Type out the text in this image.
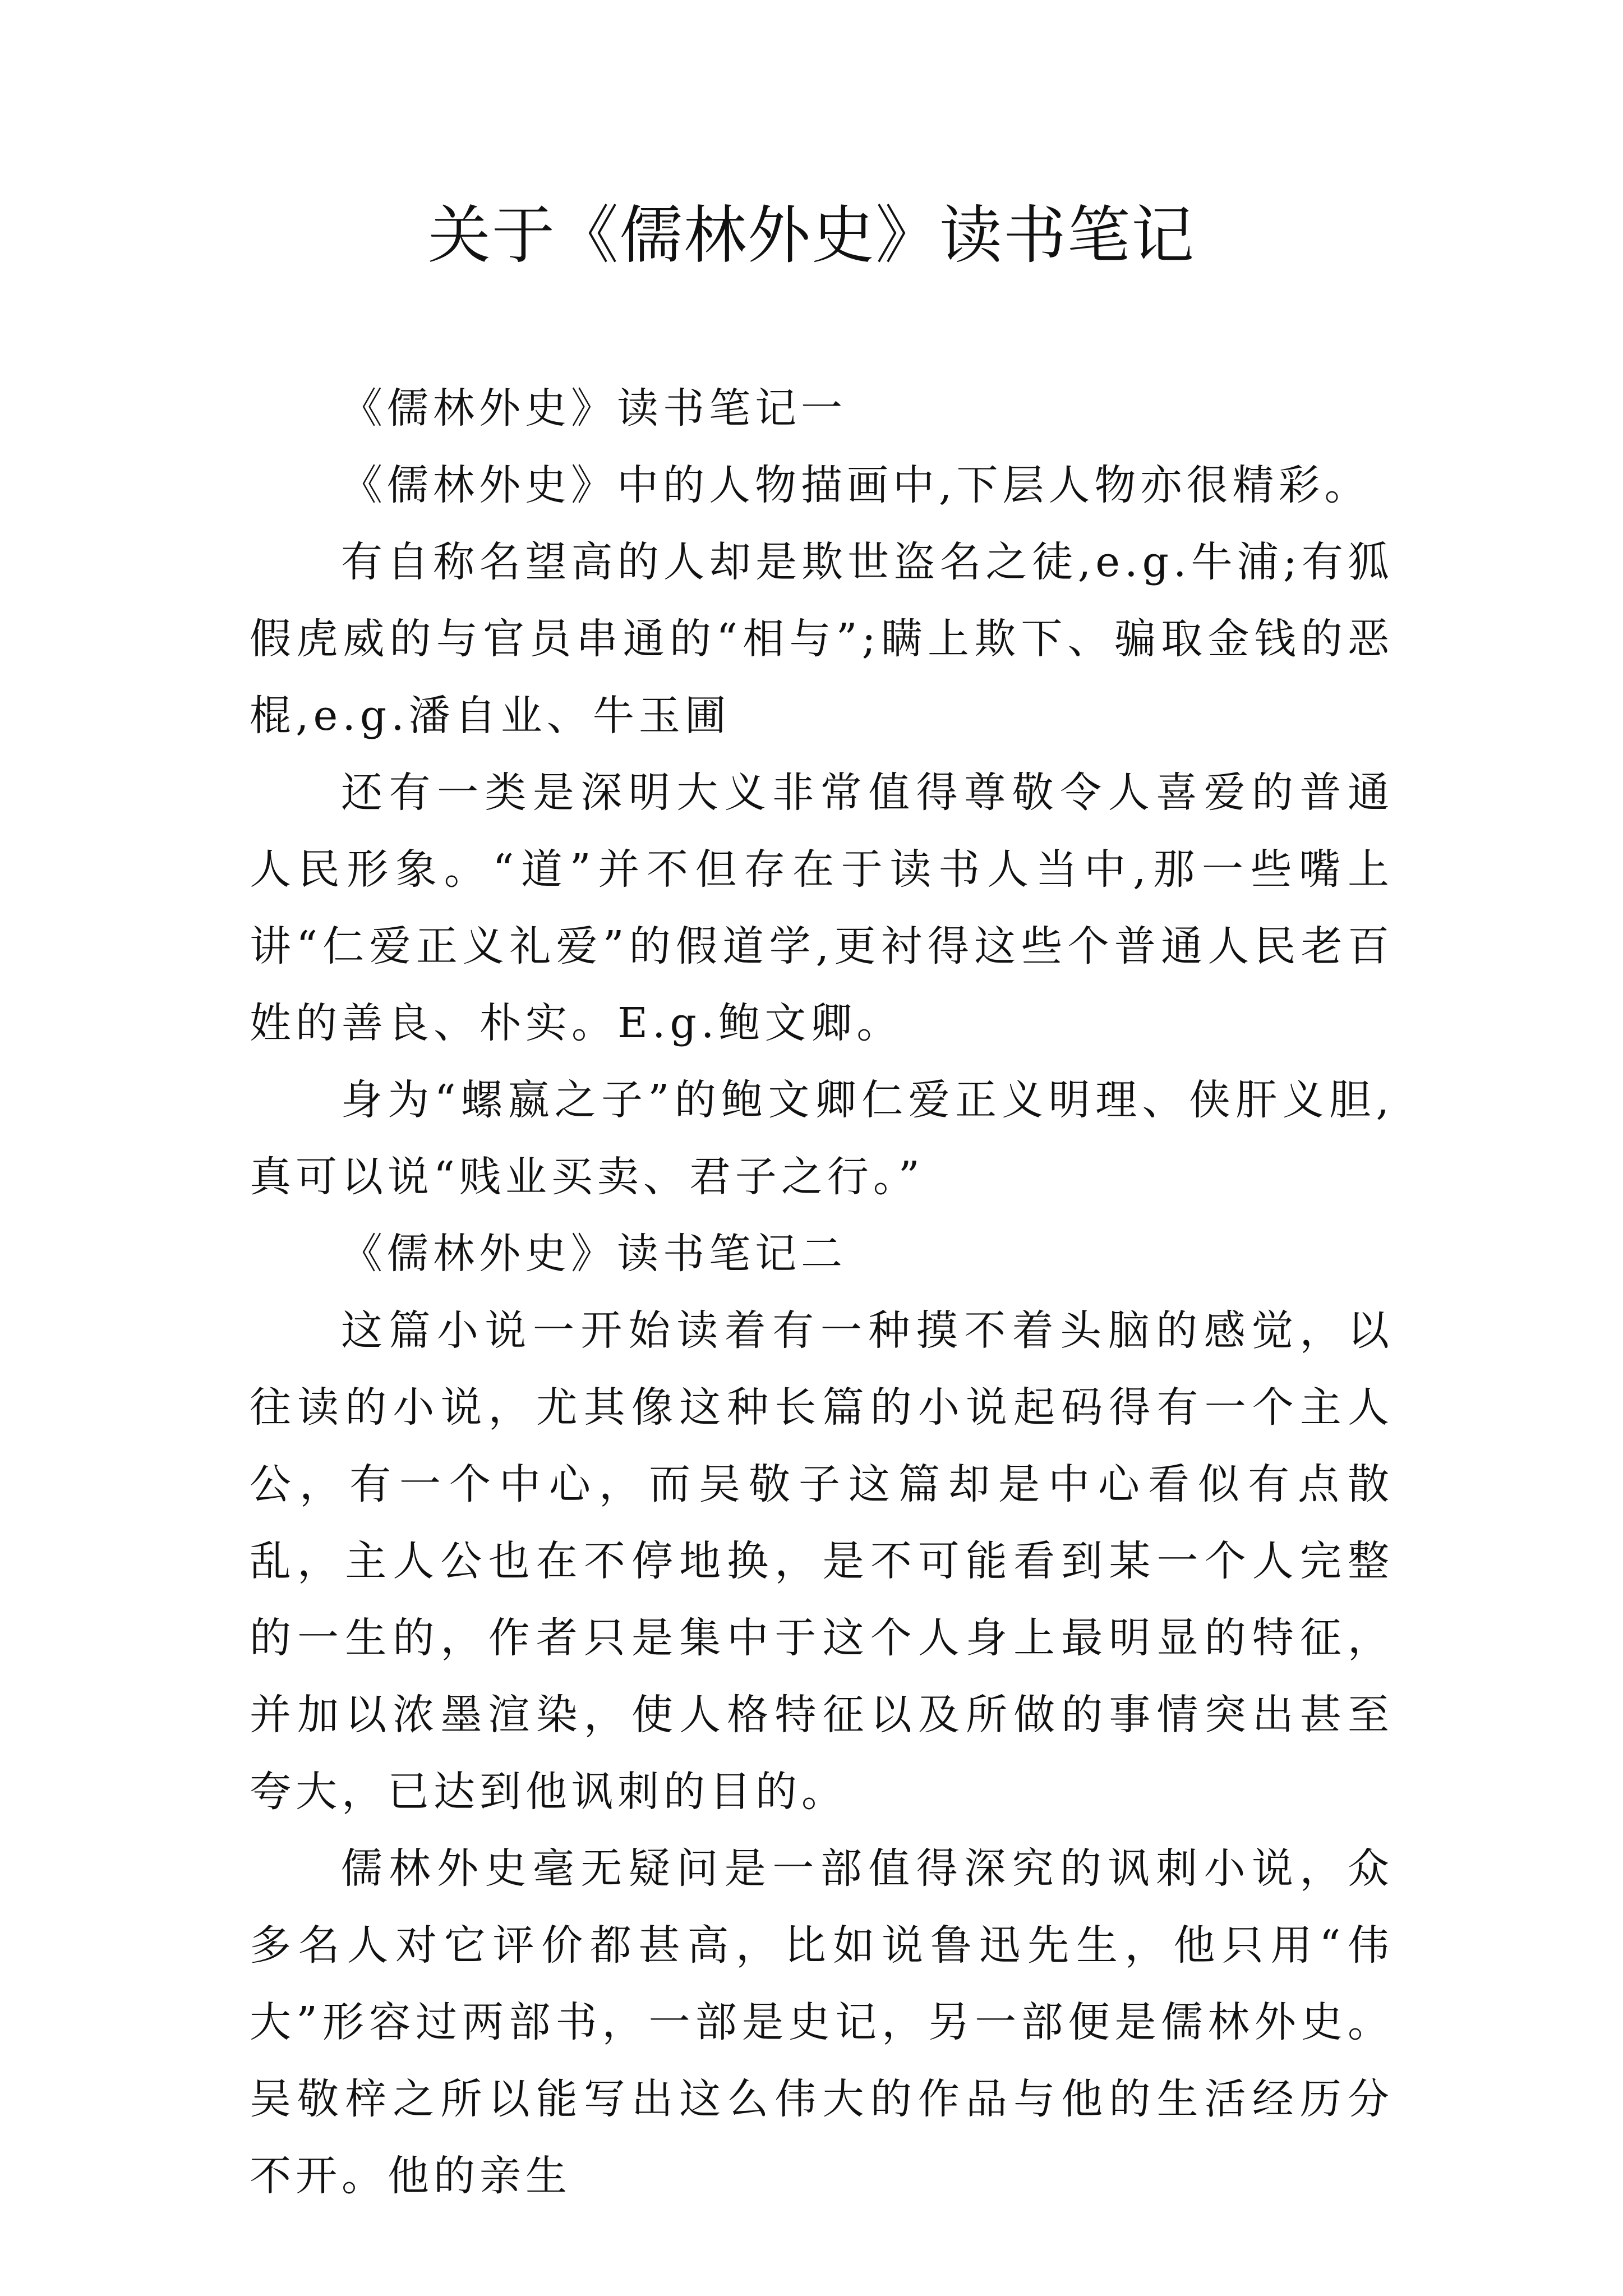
关于《儒林外史》读书笔记

《儒林外史》读书笔记一

《儒林外史》中的人物描画中,下层人物亦很精彩。

有自称名望高的人却是欺世盗名之徒,e.g.牛浦;有狐假虎威的与官员串通的“相与”;瞒上欺下、骗取金钱的恶棍,e.g.潘自业、牛玉圃

还有一类是深明大义非常值得尊敬令人喜爱的普通人民形象。“道”并不但存在于读书人当中,那一些嘴上讲“仁爱正义礼爱”的假道学,更衬得这些个普通人民老百姓的善良、朴实。E.g.鲍文卿。

身为“螺嬴之子”的鲍文卿仁爱正义明理、侠肝义胆,真可以说“贱业买卖、君子之行。”

《儒林外史》读书笔记二

这篇小说一开始读着有一种摸不着头脑的感觉，以往读的小说，尤其像这种长篇的小说起码得有一个主人公，有一个中心，而吴敬子这篇却是中心看似有点散乱，主人公也在不停地换，是不可能看到某一个人完整的一生的，作者只是集中于这个人身上最明显的特征，并加以浓墨渲染，使人格特征以及所做的事情突出甚至夸大，已达到他讽刺的目的。

儒林外史毫无疑问是一部值得深究的讽刺小说，众多名人对它评价都甚高，比如说鲁迅先生，他只用“伟大”形容过两部书，一部是史记，另一部便是儒林外史。吴敬梓之所以能写出这么伟大的作品与他的生活经历分不开。他的亲生
